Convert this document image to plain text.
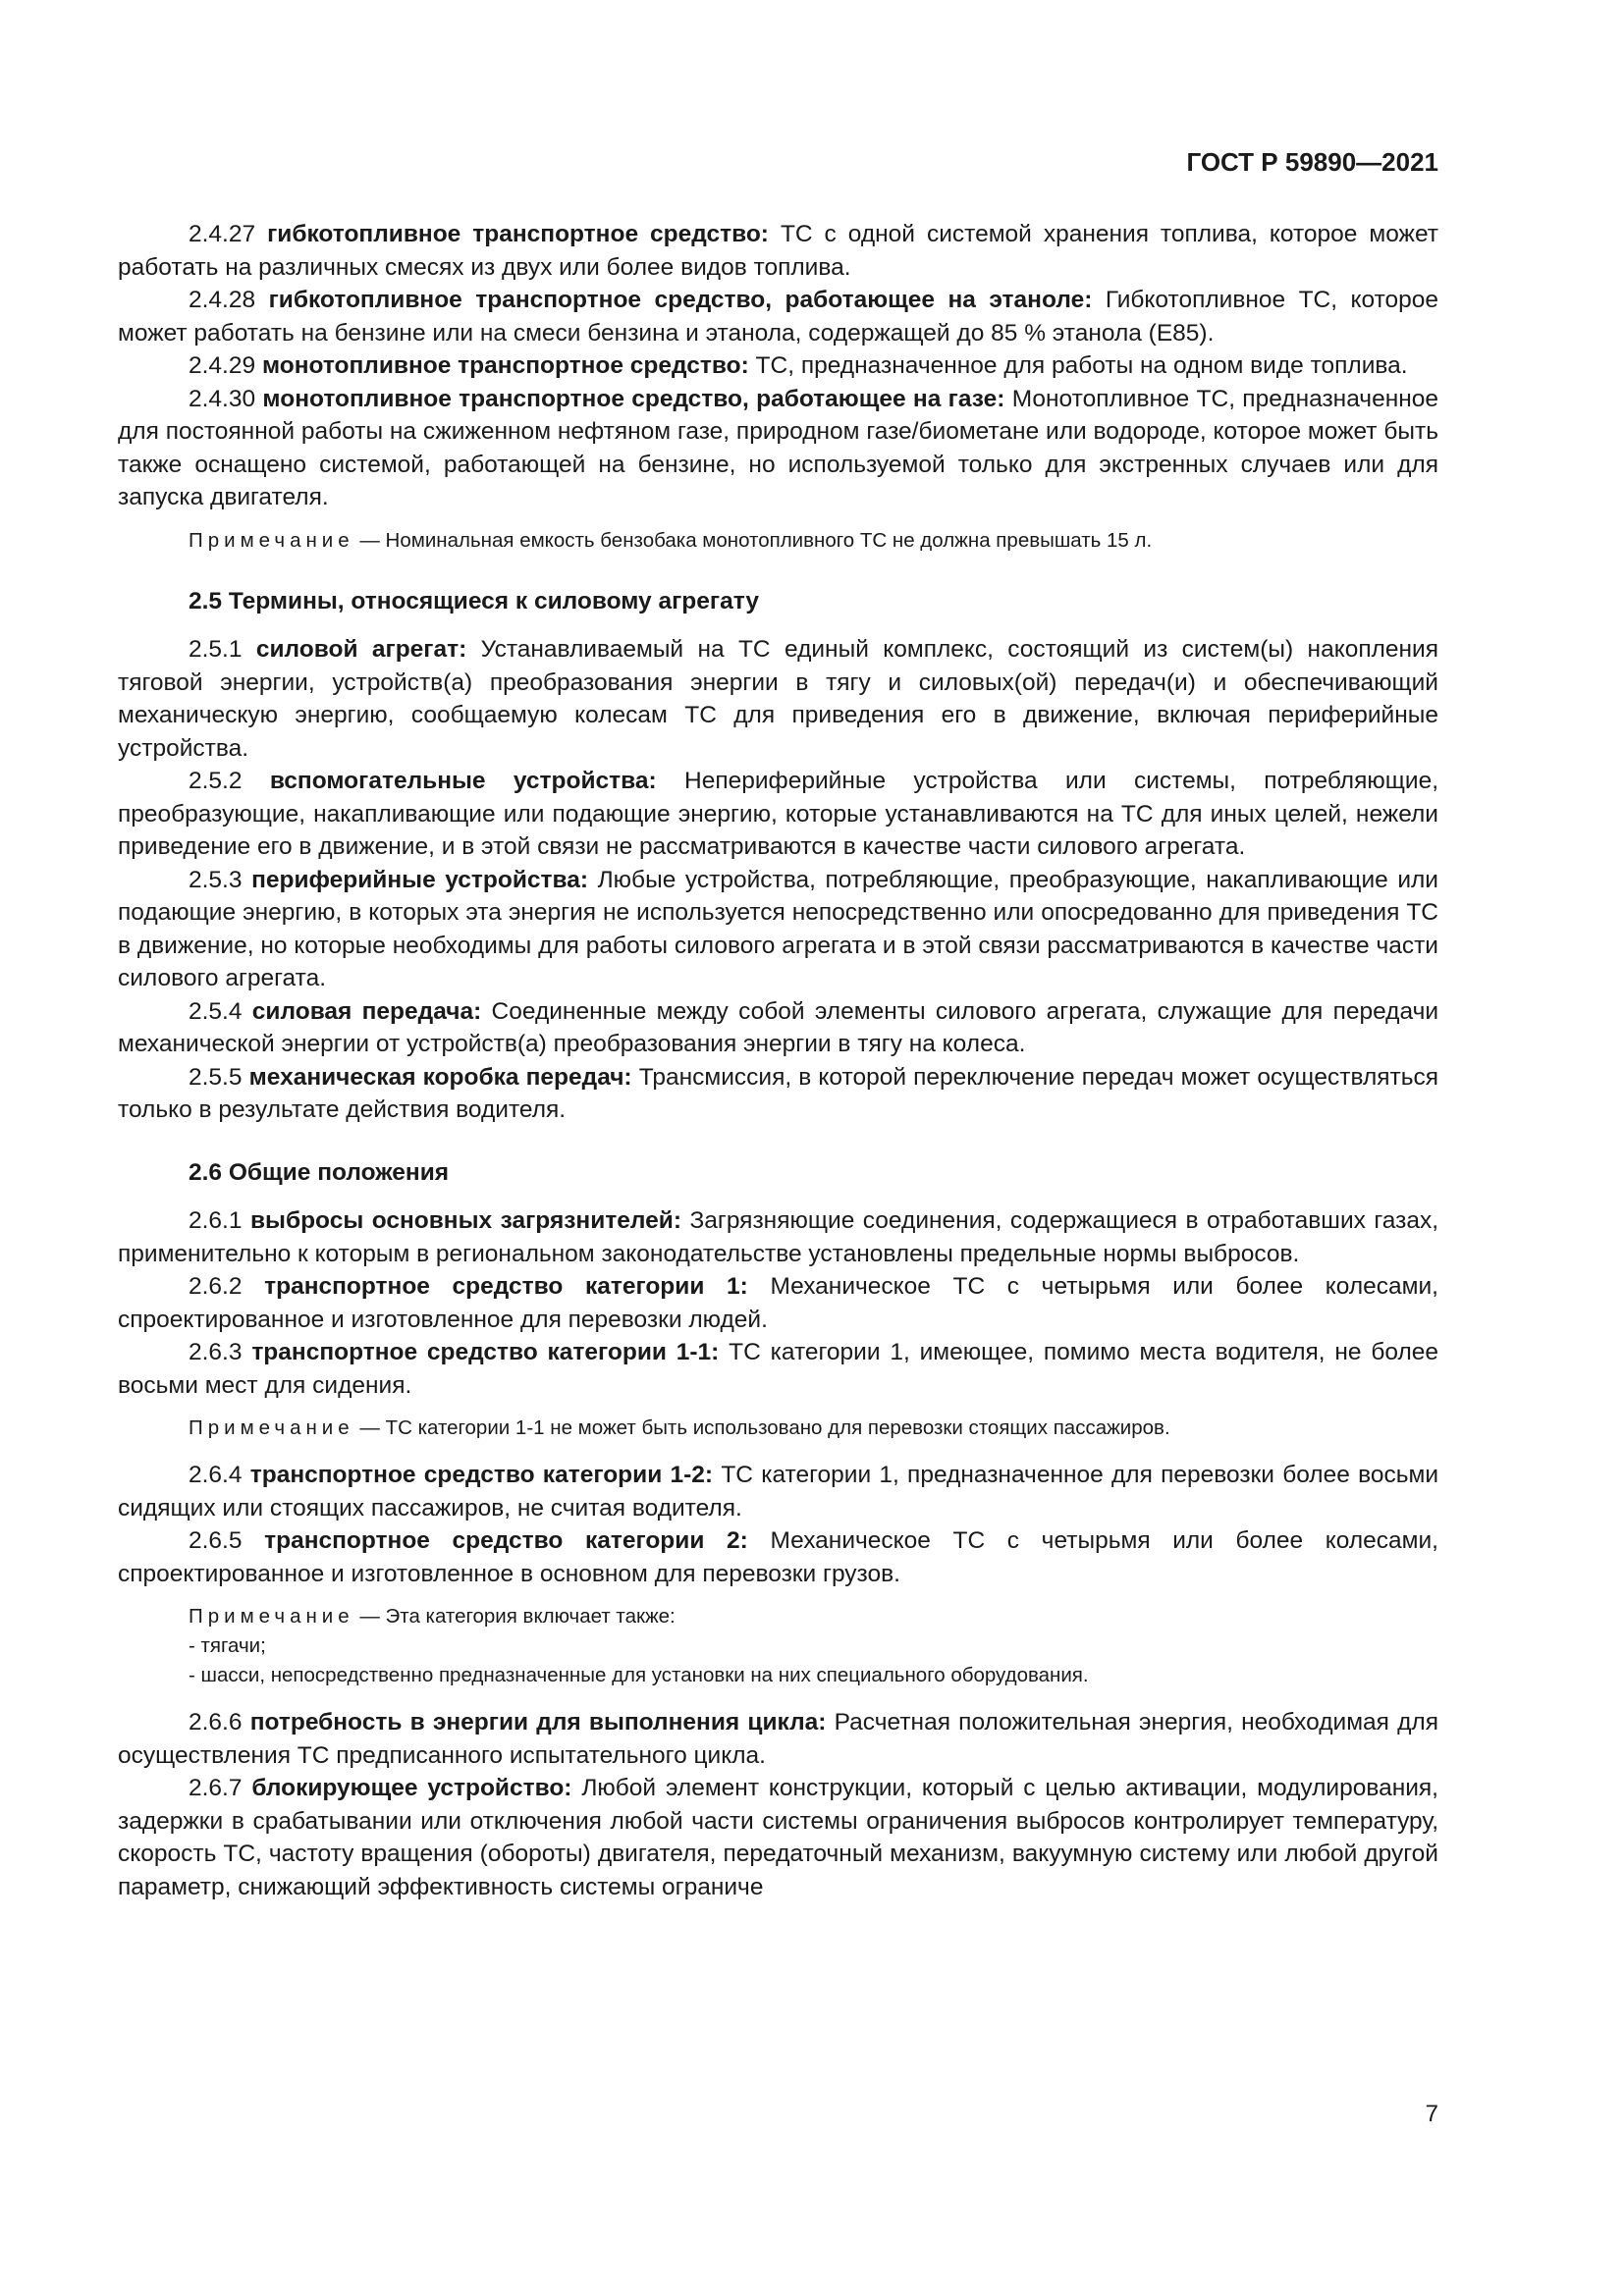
ГОСТ Р 59890—2021

2.4.27 гибкотопливное транспортное средство: ТС с одной системой хранения топлива, которое может работать на различных смесях из двух или более видов топлива.

2.4.28 гибкотопливное транспортное средство, работающее на этаноле: Гибкотопливное ТС, которое может работать на бензине или на смеси бензина и этанола, содержащей до 85 % этанола (Е85).

2.4.29 монотопливное транспортное средство: ТС, предназначенное для работы на одном виде топлива.

2.4.30 монотопливное транспортное средство, работающее на газе: Монотопливное ТС, предназначенное для постоянной работы на сжиженном нефтяном газе, природном газе/биометане или водороде, которое может быть также оснащено системой, работающей на бензине, но используемой только для экстренных случаев или для запуска двигателя.

Примечание — Номинальная емкость бензобака монотопливного ТС не должна превышать 15 л.

2.5 Термины, относящиеся к силовому агрегату

2.5.1 силовой агрегат: Устанавливаемый на ТС единый комплекс, состоящий из систем(ы) накопления тяговой энергии, устройств(а) преобразования энергии в тягу и силовых(ой) передач(и) и обеспечивающий механическую энергию, сообщаемую колесам ТС для приведения его в движение, включая периферийные устройства.

2.5.2 вспомогательные устройства: Непериферийные устройства или системы, потребляющие, преобразующие, накапливающие или подающие энергию, которые устанавливаются на ТС для иных целей, нежели приведение его в движение, и в этой связи не рассматриваются в качестве части силового агрегата.

2.5.3 периферийные устройства: Любые устройства, потребляющие, преобразующие, накапливающие или подающие энергию, в которых эта энергия не используется непосредственно или опосредованно для приведения ТС в движение, но которые необходимы для работы силового агрегата и в этой связи рассматриваются в качестве части силового агрегата.

2.5.4 силовая передача: Соединенные между собой элементы силового агрегата, служащие для передачи механической энергии от устройств(а) преобразования энергии в тягу на колеса.

2.5.5 механическая коробка передач: Трансмиссия, в которой переключение передач может осуществляться только в результате действия водителя.

2.6 Общие положения

2.6.1 выбросы основных загрязнителей: Загрязняющие соединения, содержащиеся в отработавших газах, применительно к которым в региональном законодательстве установлены предельные нормы выбросов.

2.6.2 транспортное средство категории 1: Механическое ТС с четырьмя или более колесами, спроектированное и изготовленное для перевозки людей.

2.6.3 транспортное средство категории 1-1: ТС категории 1, имеющее, помимо места водителя, не более восьми мест для сидения.

Примечание — ТС категории 1-1 не может быть использовано для перевозки стоящих пассажиров.

2.6.4 транспортное средство категории 1-2: ТС категории 1, предназначенное для перевозки более восьми сидящих или стоящих пассажиров, не считая водителя.

2.6.5 транспортное средство категории 2: Механическое ТС с четырьмя или более колесами, спроектированное и изготовленное в основном для перевозки грузов.

Примечание — Эта категория включает также:

- тягачи;

- шасси, непосредственно предназначенные для установки на них специального оборудования.

2.6.6 потребность в энергии для выполнения цикла: Расчетная положительная энергия, необходимая для осуществления ТС предписанного испытательного цикла.

2.6.7 блокирующее устройство: Любой элемент конструкции, который с целью активации, модулирования, задержки в срабатывании или отключения любой части системы ограничения выбросов контролирует температуру, скорость ТС, частоту вращения (обороты) двигателя, передаточный механизм, вакуумную систему или любой другой параметр, снижающий эффективность системы ограниче

7
